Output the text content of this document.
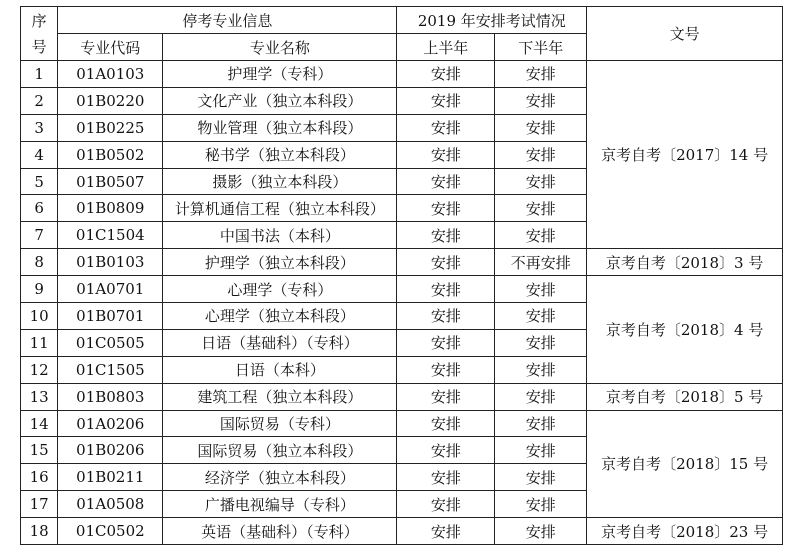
序
号	停考专业信息		2019 年安排考试情况		文号
	专业代码	专业名称	上半年	下半年	
1	01A0103	护理学（专科）	安排	安排	京考自考〔2017〕14 号
2	01B0220	文化产业（独立本科段）	安排	安排	
3	01B0225	物业管理（独立本科段）	安排	安排	
4	01B0502	秘书学（独立本科段）	安排	安排	
5	01B0507	摄影（独立本科段）	安排	安排	
6	01B0809	计算机通信工程（独立本科段）	安排	安排	
7	01C1504	中国书法（本科）	安排	安排	
8	01B0103	护理学（独立本科段）	安排	不再安排	京考自考〔2018〕3 号
9	01A0701	心理学（专科）	安排	安排	京考自考〔2018〕4 号
10	01B0701	心理学（独立本科段）	安排	安排	
11	01C0505	日语（基础科）（专科）	安排	安排	
12	01C1505	日语（本科）	安排	安排	
13	01B0803	建筑工程（独立本科段）	安排	安排	京考自考〔2018〕5 号
14	01A0206	国际贸易（专科）	安排	安排	京考自考〔2018〕15 号
15	01B0206	国际贸易（独立本科段）	安排	安排	
16	01B0211	经济学（独立本科段）	安排	安排	
17	01A0508	广播电视编导（专科）	安排	安排	
18	01C0502	英语（基础科）（专科）	安排	安排	京考自考〔2018〕23 号
